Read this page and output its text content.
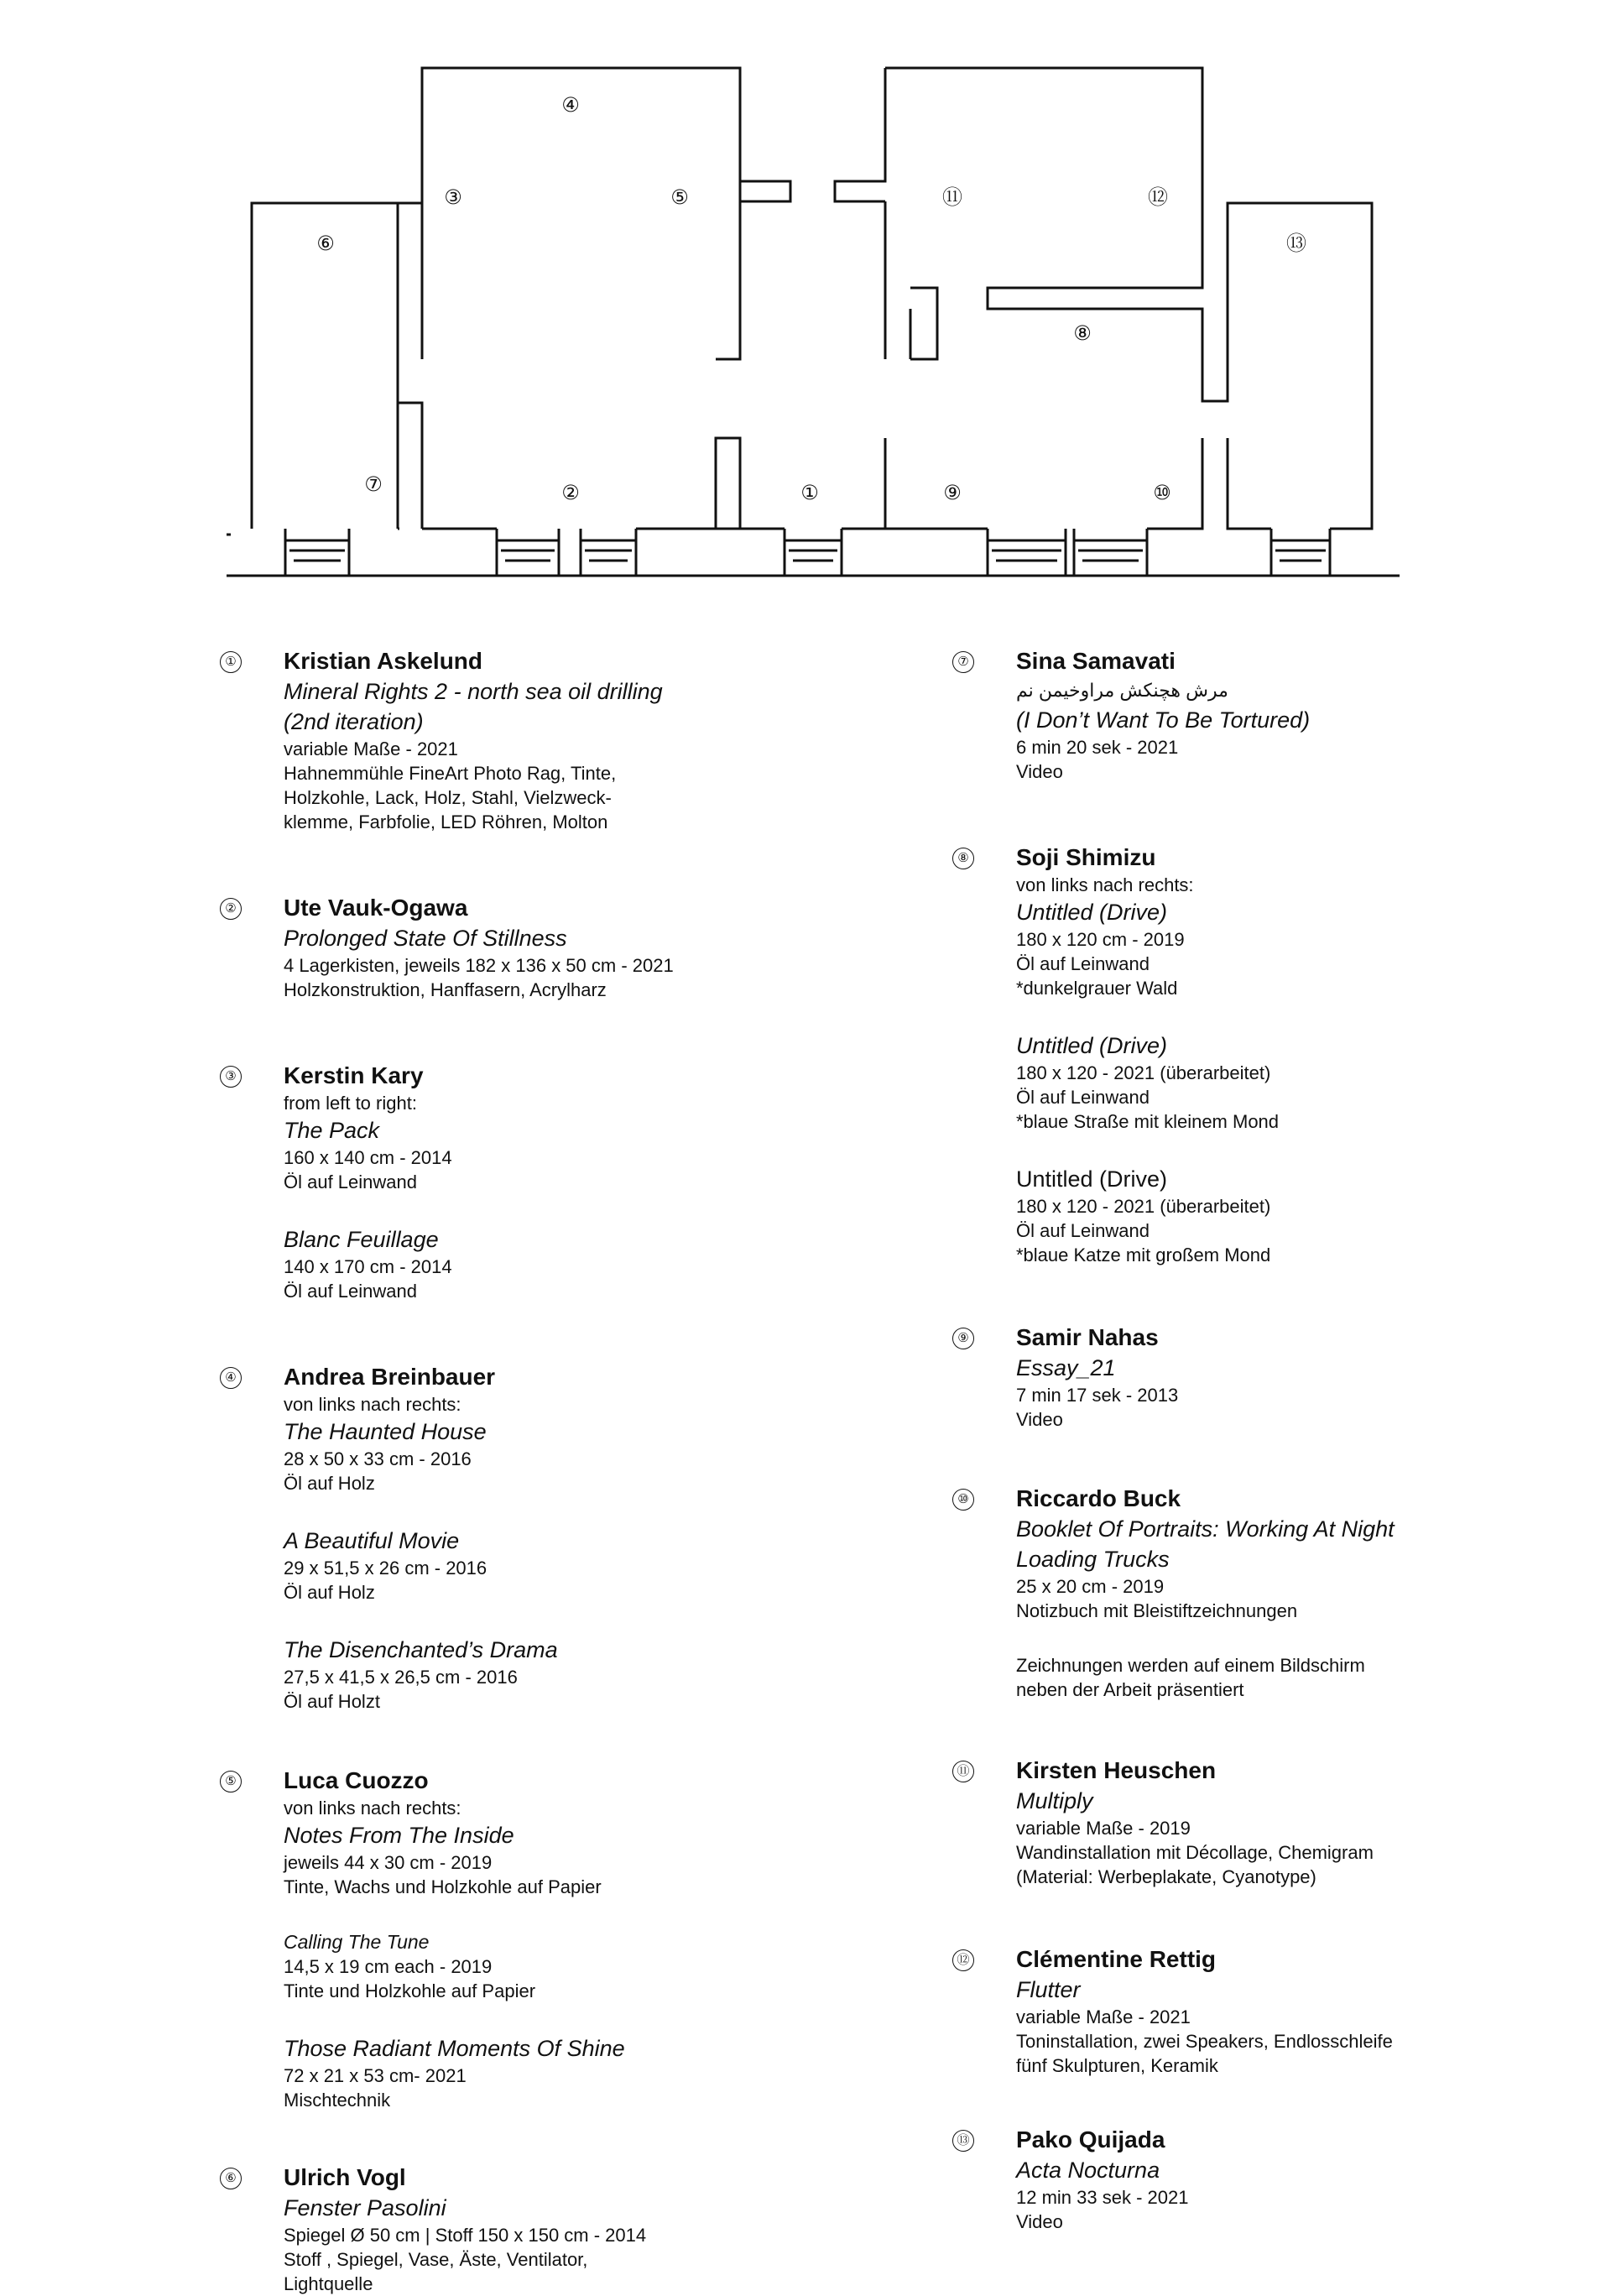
④
③	⑤
⑥
⑦	②	①
⑪	⑫
⑬
⑧
⑨	⑩
① Kristian Askelund
Mineral Rights 2 - north sea oil drilling
(2nd iteration)
variable Maße - 2021
Hahnemmühle FineArt Photo Rag, Tinte,
Holzkohle, Lack, Holz, Stahl, Vielzweck-
klemme, Farbfolie, LED Röhren, Molton
② Ute Vauk-Ogawa
Prolonged State Of Stillness
4 Lagerkisten, jeweils 182 x 136 x 50 cm - 2021
Holzkonstruktion, Hanffasern, Acrylharz
③ Kerstin Kary
from left to right:
The Pack
160 x 140 cm - 2014
Öl auf Leinwand
Blanc Feuillage
140 x 170 cm - 2014
Öl auf Leinwand
④ Andrea Breinbauer
von links nach rechts:
The Haunted House
28 x 50 x 33 cm - 2016
Öl auf Holz
A Beautiful Movie
29 x 51,5 x 26 cm - 2016
Öl auf Holz
The Disenchanted’s Drama
27,5 x 41,5 x 26,5 cm - 2016
Öl auf Holzt
⑤ Luca Cuozzo
von links nach rechts:
Notes From The Inside
jeweils 44 x 30 cm - 2019
Tinte, Wachs und Holzkohle auf Papier
Calling The Tune
14,5 x 19 cm each - 2019
Tinte und Holzkohle auf Papier
Those Radiant Moments Of Shine
72 x 21 x 53 cm- 2021
Mischtechnik
⑥ Ulrich Vogl
Fenster Pasolini
Spiegel Ø 50 cm | Stoff 150 x 150 cm - 2014
Stoff , Spiegel, Vase, Äste, Ventilator,
Lightquelle
⑦ Sina Samavati
مرش هچنکش مراوخیمن نم
(I Don’t Want To Be Tortured)
6 min 20 sek - 2021
Video
⑧ Soji Shimizu
von links nach rechts:
Untitled (Drive)
180 x 120 cm - 2019
Öl auf Leinwand
*dunkelgrauer Wald
Untitled (Drive)
180 x 120 - 2021 (überarbeitet)
Öl auf Leinwand
*blaue Straße mit kleinem Mond
Untitled (Drive)
180 x 120 - 2021 (überarbeitet)
Öl auf Leinwand
*blaue Katze mit großem Mond
⑨ Samir Nahas
Essay_21
7 min 17 sek - 2013
Video
⑩ Riccardo Buck
Booklet Of Portraits: Working At Night
Loading Trucks
25 x 20 cm - 2019
Notizbuch mit Bleistiftzeichnungen
Zeichnungen werden auf einem Bildschirm
neben der Arbeit präsentiert
⑪ Kirsten Heuschen
Multiply
variable Maße - 2019
Wandinstallation mit Décollage, Chemigram
(Material: Werbeplakate, Cyanotype)
⑫ Clémentine Rettig
Flutter
variable Maße - 2021
Toninstallation, zwei Speakers, Endlosschleife
fünf Skulpturen, Keramik
⑬ Pako Quijada
Acta Nocturna
12 min 33 sek - 2021
Video
